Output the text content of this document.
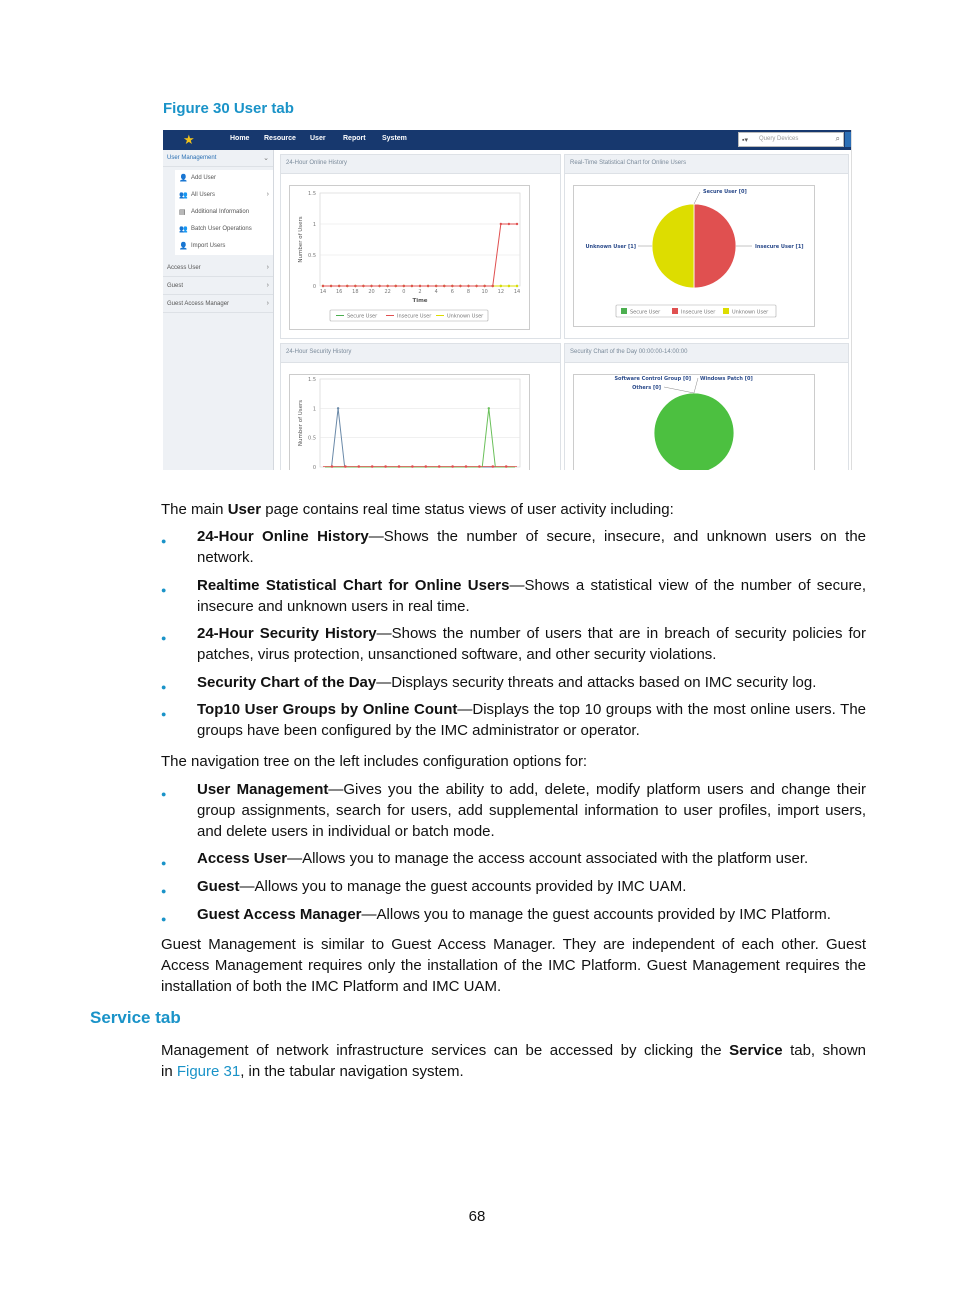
Figure 30 User tab
★	Home Resource User Report System	▪▾ Query Devices	⌕
User Management	⌄
👤 Add User
👥 All Users	›
▤ Additional Information
👥 Batch User Operations
👤 Import Users
Access User	›
Guest	›
Guest Access Manager	›
24-Hour Online History
1.5
1
0.5
0
14 16 18 20 22 0	2	4	6	8 10 12 14
Time
Number of Users
Secure User	Insecure User	Unknown User
Real-Time Statistical Chart for Online Users
Secure User [0]
Unknown User [1]	Insecure User [1]
Secure User	Insecure User	Unknown User
24-Hour Security History
1.5
1
0.5
0
Number of Users
Security Chart of the Day 00:00:00-14:00:00
Software Control Group [0] Windows Patch [0]
Others [0]
The main User page contains real time status views of user activity including:
● 24-Hour Online History—Shows the number of secure, insecure, and unknown users on the
network.
● Realtime Statistical Chart for Online Users—Shows a statistical view of the number of secure,
insecure and unknown users in real time.
● 24-Hour Security History—Shows the number of users that are in breach of security policies for
patches, virus protection, unsanctioned software, and other security violations.
● Security Chart of the Day—Displays security threats and attacks based on IMC security log.
● Top10 User Groups by Online Count—Displays the top 10 groups with the most online users. The
groups have been configured by the IMC administrator or operator.
The navigation tree on the left includes configuration options for:
● User Management—Gives you the ability to add, delete, modify platform users and change their
group assignments, search for users, add supplemental information to user profiles, import users,
and delete users in individual or batch mode.
● Access User—Allows you to manage the access account associated with the platform user.
● Guest—Allows you to manage the guest accounts provided by IMC UAM.
● Guest Access Manager—Allows you to manage the guest accounts provided by IMC Platform.
Guest Management is similar to Guest Access Manager. They are independent of each other. Guest
Access Management requires only the installation of the IMC Platform. Guest Management requires the
installation of both the IMC Platform and IMC UAM.
Service tab
Management of network infrastructure services can be accessed by clicking the Service tab, shown
in Figure 31, in the tabular navigation system.
68
